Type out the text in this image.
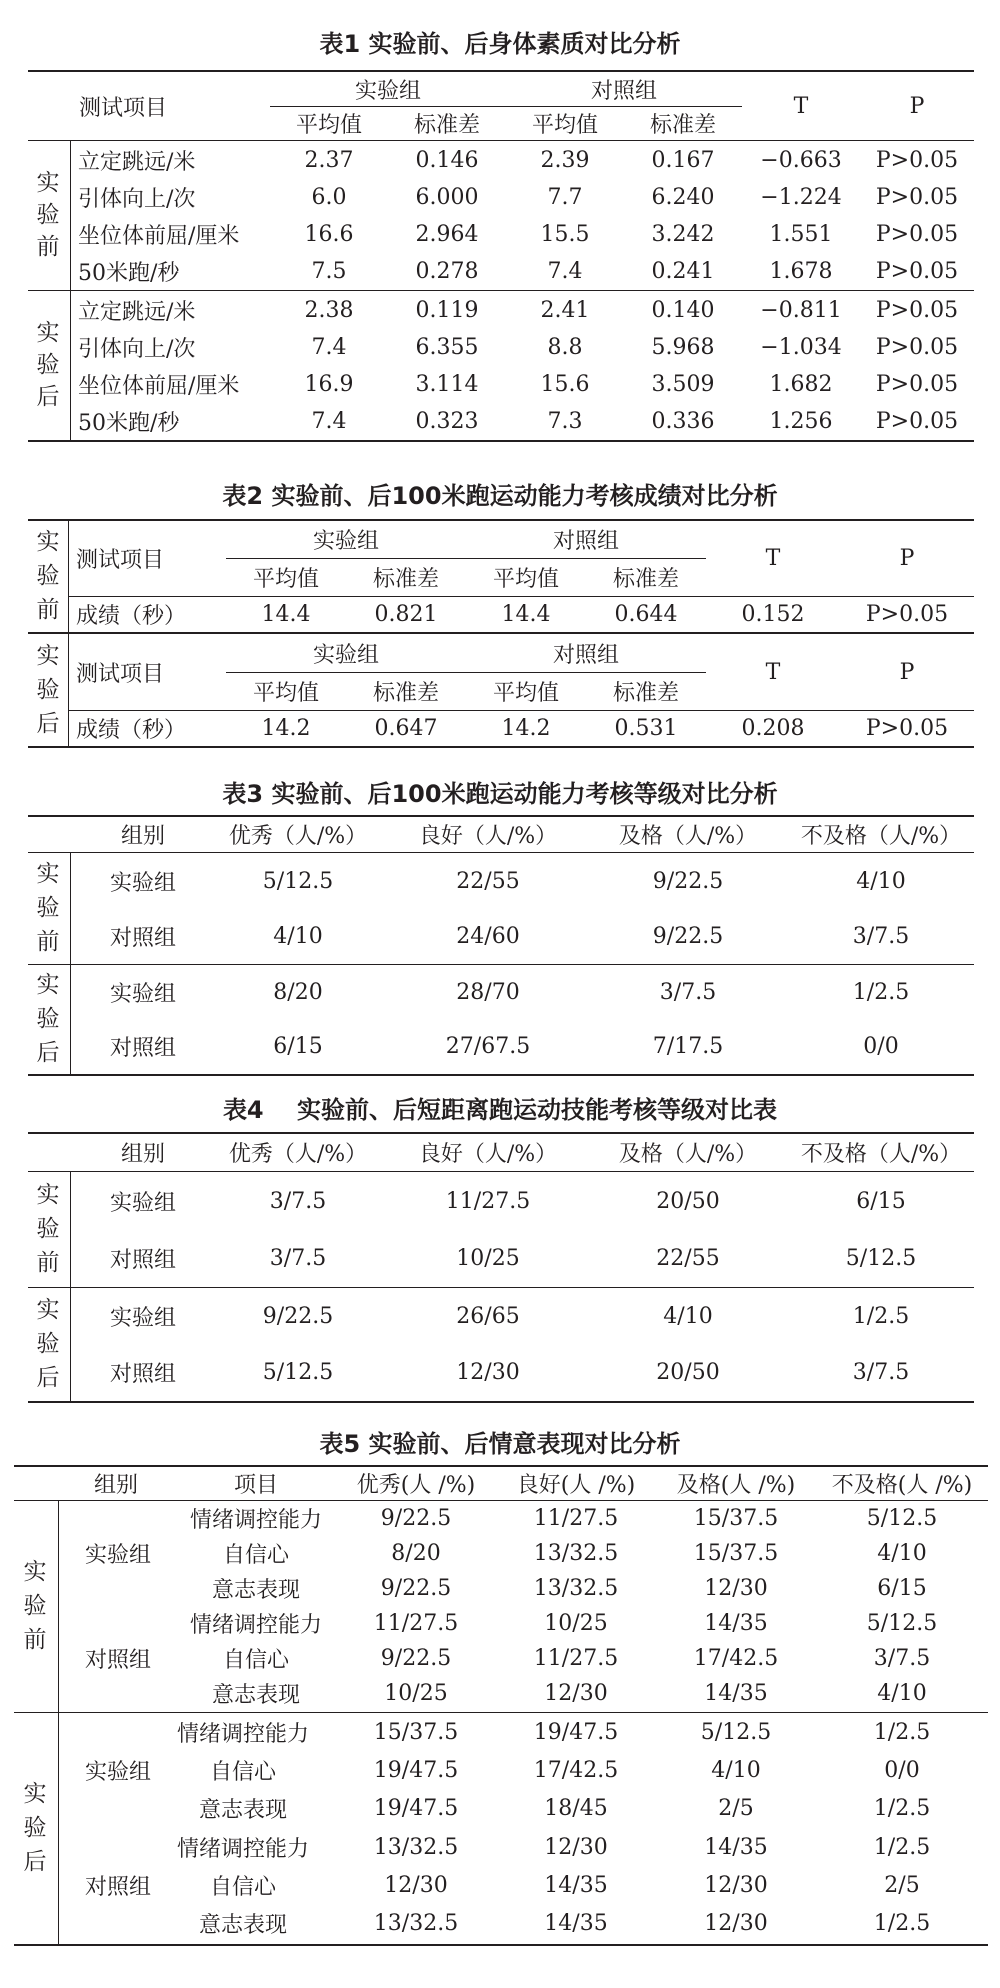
表1 实验前、后身体素质对比分析
测试项目
实验组	对照组
平均值	标准差	平均值	标准差
T	P
实
验
前
立定跳远/米	2.37	0.146	2.39	0.167	−0.663	P>0.05
引体向上/次	6.0	6.000	7.7	6.240	−1.224	P>0.05
坐位体前屈/厘米	16.6	2.964	15.5	3.242	1.551	P>0.05
50米跑/秒	7.5	0.278	7.4	0.241	1.678	P>0.05
实
验
后
立定跳远/米	2.38	0.119	2.41	0.140	−0.811	P>0.05
引体向上/次	7.4	6.355	8.8	5.968	−1.034	P>0.05
坐位体前屈/厘米	16.9	3.114	15.6	3.509	1.682	P>0.05
50米跑/秒	7.4	0.323	7.3	0.336	1.256	P>0.05
表2 实验前、后100米跑运动能力考核成绩对比分析
实
验
前
测试项目
实验组	对照组
平均值	标准差	平均值	标准差
T	P
成绩（秒）	14.4	0.821	14.4	0.644	0.152	P>0.05
实
验
后
测试项目
实验组	对照组
平均值	标准差	平均值	标准差
T	P
成绩（秒）	14.2	0.647	14.2	0.531	0.208	P>0.05
表3 实验前、后100米跑运动能力考核等级对比分析
组别	优秀（人/%）	良好（人/%）	及格（人/%）	不及格（人/%）
实
验
前
实验组	5/12.5	22/55	9/22.5	4/10
对照组	4/10	24/60	9/22.5	3/7.5
实
验
后
实验组	8/20	28/70	3/7.5	1/2.5
对照组	6/15	27/67.5	7/17.5	0/0
表4    实验前、后短距离跑运动技能考核等级对比表
组别	优秀（人/%）	良好（人/%）	及格（人/%）	不及格（人/%）
实
验
前
实验组	3/7.5	11/27.5	20/50	6/15
对照组	3/7.5	10/25	22/55	5/12.5
实
验
后
实验组	9/22.5	26/65	4/10	1/2.5
对照组	5/12.5	12/30	20/50	3/7.5
表5 实验前、后情意表现对比分析
组别	项目	优秀(人 /%)	良好(人 /%)	及格(人 /%)	不及格(人 /%)
实
验
前
实验组
对照组
情绪调控能力	9/22.5	11/27.5	15/37.5	5/12.5
自信心	8/20	13/32.5	15/37.5	4/10
意志表现	9/22.5	13/32.5	12/30	6/15
情绪调控能力	11/27.5	10/25	14/35	5/12.5
自信心	9/22.5	11/27.5	17/42.5	3/7.5
意志表现	10/25	12/30	14/35	4/10
实
验
后
实验组
对照组
情绪调控能力	15/37.5	19/47.5	5/12.5	1/2.5
自信心	19/47.5	17/42.5	4/10	0/0
意志表现	19/47.5	18/45	2/5	1/2.5
情绪调控能力	13/32.5	12/30	14/35	1/2.5
自信心	12/30	14/35	12/30	2/5
意志表现	13/32.5	14/35	12/30	1/2.5
